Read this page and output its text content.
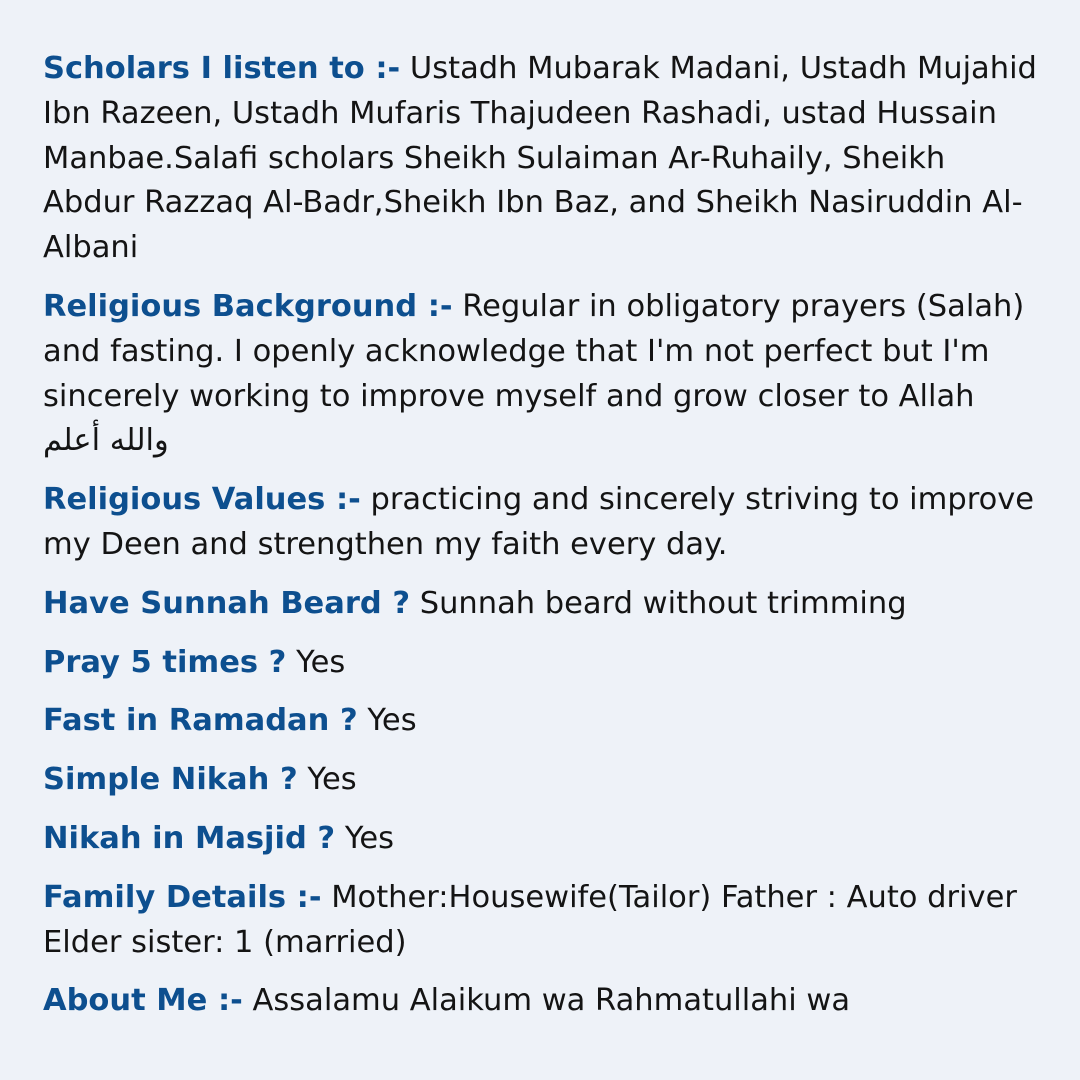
Scholars I listen to :- Ustadh Mubarak Madani, Ustadh Mujahid Ibn Razeen, Ustadh Mufaris Thajudeen Rashadi, ustad Hussain Manbae.Salafi scholars Sheikh Sulaiman Ar-Ruhaily, Sheikh Abdur Razzaq Al-Badr,Sheikh Ibn Baz, and Sheikh Nasiruddin Al-Albani

Religious Background :- Regular in obligatory prayers (Salah) and fasting. I openly acknowledge that I'm not perfect but I'm sincerely working to improve myself and grow closer to Allah
والله أعلم

Religious Values :- practicing and sincerely striving to improve my Deen and strengthen my faith every day.

Have Sunnah Beard ? Sunnah beard without trimming

Pray 5 times ? Yes

Fast in Ramadan ? Yes

Simple Nikah ? Yes

Nikah in Masjid ? Yes

Family Details :- Mother:Housewife(Tailor) Father : Auto driver Elder sister: 1 (married)

About Me :- Assalamu Alaikum wa Rahmatullahi wa
